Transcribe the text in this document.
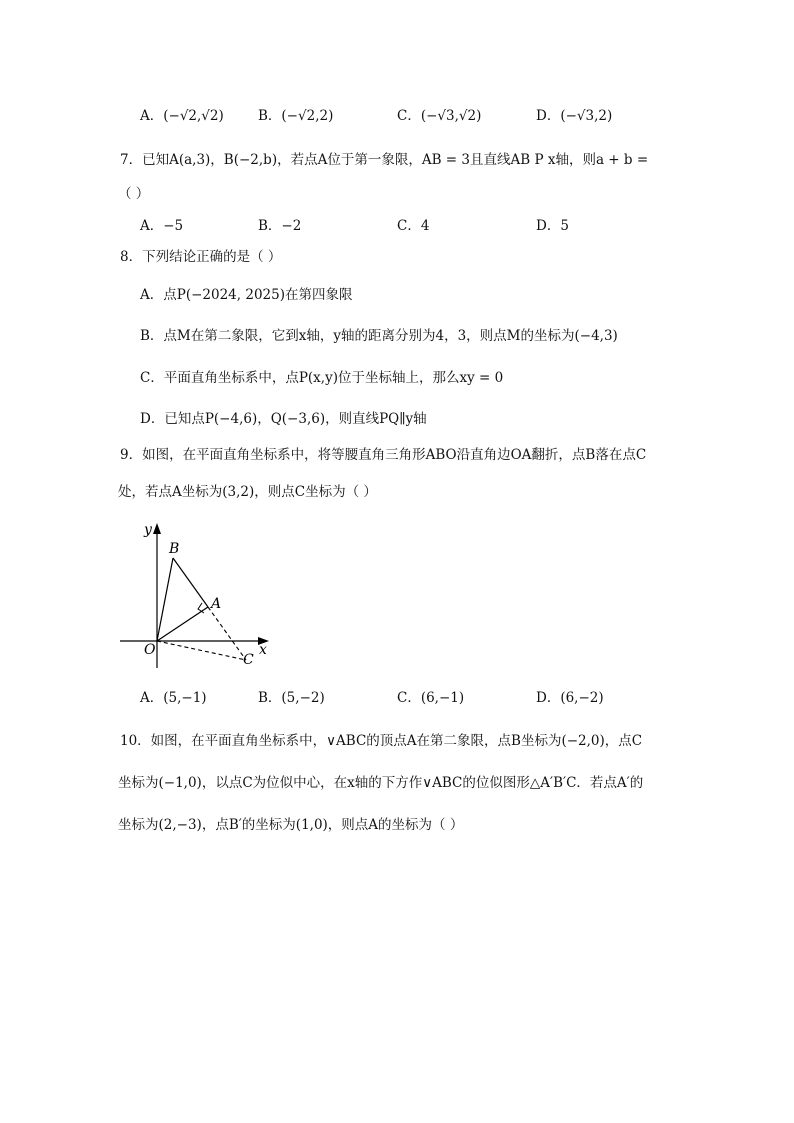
A．(−√2,√2)	B．(−√2,2)	C．(−√3,√2)	D．(−√3,2)
7．已知A(a,3)，B(−2,b)，若点A位于第一象限，AB = 3且直线AB P x轴，则a + b =
（ ）
A．−5	B．−2	C．4	D．5
8．下列结论正确的是（ ）
A．点P(−2024, 2025)在第四象限
B．点M在第二象限，它到x轴，y轴的距离分别为4，3，则点M的坐标为(−4,3)
C．平面直角坐标系中，点P(x,y)位于坐标轴上，那么xy = 0
D．已知点P(−4,6)，Q(−3,6)，则直线PQ∥y轴
9．如图，在平面直角坐标系中，将等腰直角三角形ABO沿直角边OA翻折，点B落在点C
处，若点A坐标为(3,2)，则点C坐标为（ ）
y
x
O
B
A
C
A．(5,−1)	B．(5,−2)	C．(6,−1)	D．(6,−2)
10．如图，在平面直角坐标系中，∨ABC的顶点A在第二象限，点B坐标为(−2,0)，点C
坐标为(−1,0)，以点C为位似中心，在x轴的下方作∨ABC的位似图形△A′B′C．若点A′的
坐标为(2,−3)，点B′的坐标为(1,0)，则点A的坐标为（ ）
